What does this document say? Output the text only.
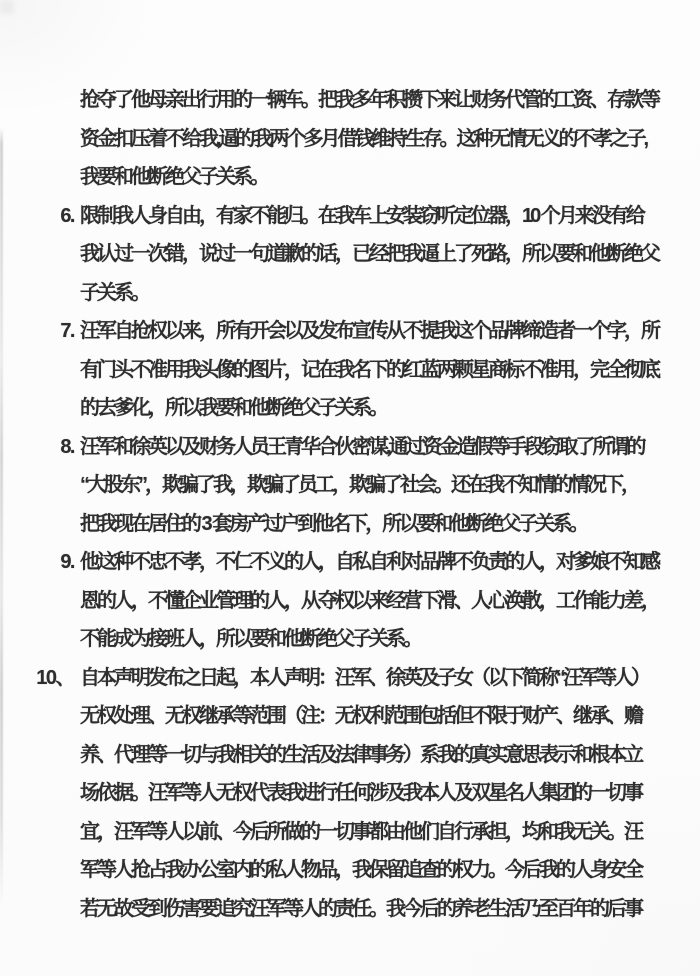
抢夺了他母亲出行用的一辆车。把我多年积攒下来让财务代管的工资、存款等
资金扣压着不给我,逼的我两个多月借钱维持生存。这种无情无义的不孝之子,
我要和他断绝父子关系。
6. 限制我人身自由，有家不能归。在我车上安装窃听定位器，10 个月来没有给
我认过一次错，说过一句道歉的话，已经把我逼上了死路，所以要和他断绝父
子关系。
7. 汪军自抢权以来，所有开会以及发布宣传从不提我这个品牌缔造者一个字，所
有门头不准用我头像的图片，记在我名下的红蓝两颗星商标不准用，完全彻底
的去爹化，所以我要和他断绝父子关系。
8. 汪军和徐英以及财务人员王青华合伙密谋,通过资金造假等手段窃取了所谓的
“大股东”，欺骗了我，欺骗了员工，欺骗了社会。还在我不知情的情况下，
把我现在居住的 3 套房产过户到他名下，所以要和他断绝父子关系。
9. 他这种不忠不孝，不仁不义的人，自私自利对品牌不负责的人，对爹娘不知感
恩的人，不懂企业管理的人，从夺权以来经营下滑、人心涣散，工作能力差，
不能成为接班人，所以要和他断绝父子关系。
10、 自本声明发布之日起，本人声明：汪军、徐英及子女（以下简称“汪军等人）
无权处理、无权继承等范围（注：无权利范围包括但不限于财产、继承、赡
养、代理等一切与我相关的生活及法律事务）系我的真实意思表示和根本立
场依据。汪军等人无权代表我进行任何涉及我本人及双星名人集团的一切事
宜，汪军等人以前、今后所做的一切事都由他们自行承担，均和我无关。汪
军等人抢占我办公室内的私人物品，我保留追查的权力。今后我的人身安全
若无故受到伤害要追究汪军等人的责任。我今后的养老生活乃至百年的后事
